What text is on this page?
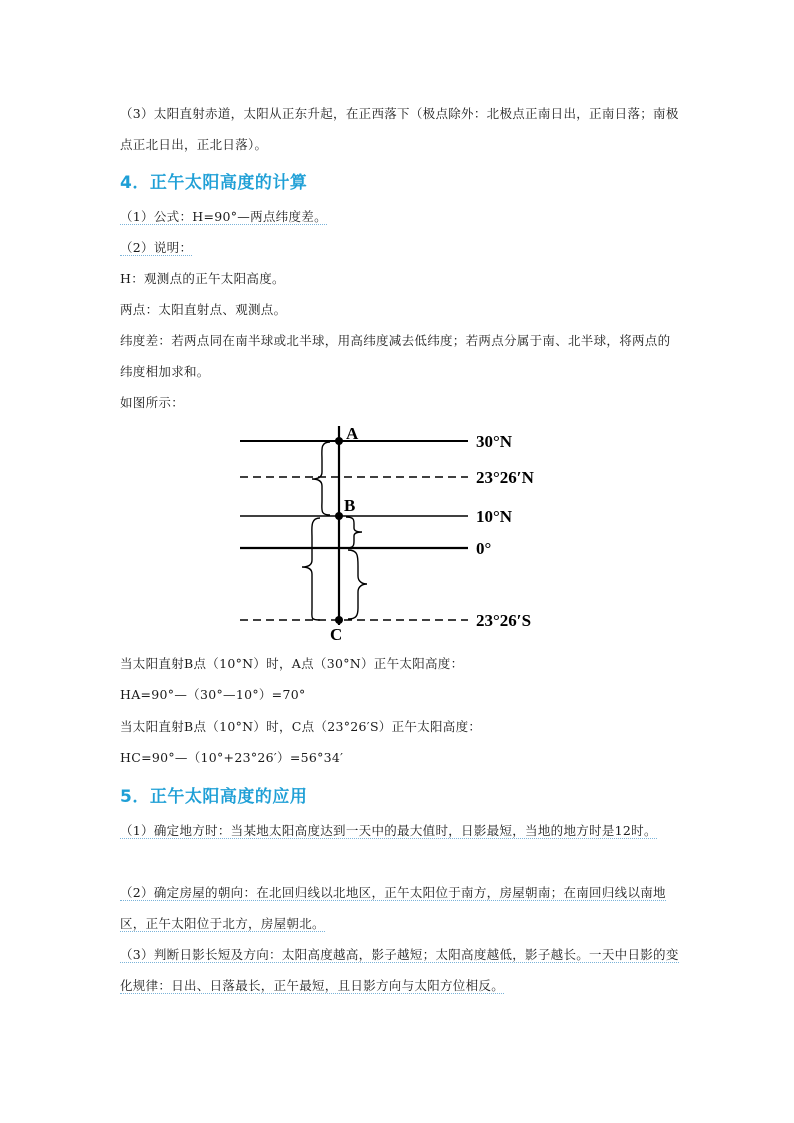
（3）太阳直射赤道，太阳从正东升起，在正西落下（极点除外：北极点正南日出，正南日落；南极点正北日出，正北日落）。
4．正午太阳高度的计算
（1）公式：H=90°—两点纬度差。
（2）说明：
H：观测点的正午太阳高度。
两点：太阳直射点、观测点。
纬度差：若两点同在南半球或北半球，用高纬度减去低纬度；若两点分属于南、北半球，将两点的纬度相加求和。
如图所示：
A
B
C
30°N
23°26′N
10°N
0°
23°26′S
当太阳直射B点（10°N）时，A点（30°N）正午太阳高度：
HA=90°—（30°—10°）=70°
当太阳直射B点（10°N）时，C点（23°26′S）正午太阳高度：
HC=90°—（10°+23°26′）=56°34′
5．正午太阳高度的应用
（1）确定地方时：当某地太阳高度达到一天中的最大值时，日影最短，当地的地方时是12时。
（2）确定房屋的朝向：在北回归线以北地区，正午太阳位于南方，房屋朝南；在南回归线以南地区，正午太阳位于北方，房屋朝北。
（3）判断日影长短及方向：太阳高度越高，影子越短；太阳高度越低，影子越长。一天中日影的变化规律：日出、日落最长，正午最短，且日影方向与太阳方位相反。
